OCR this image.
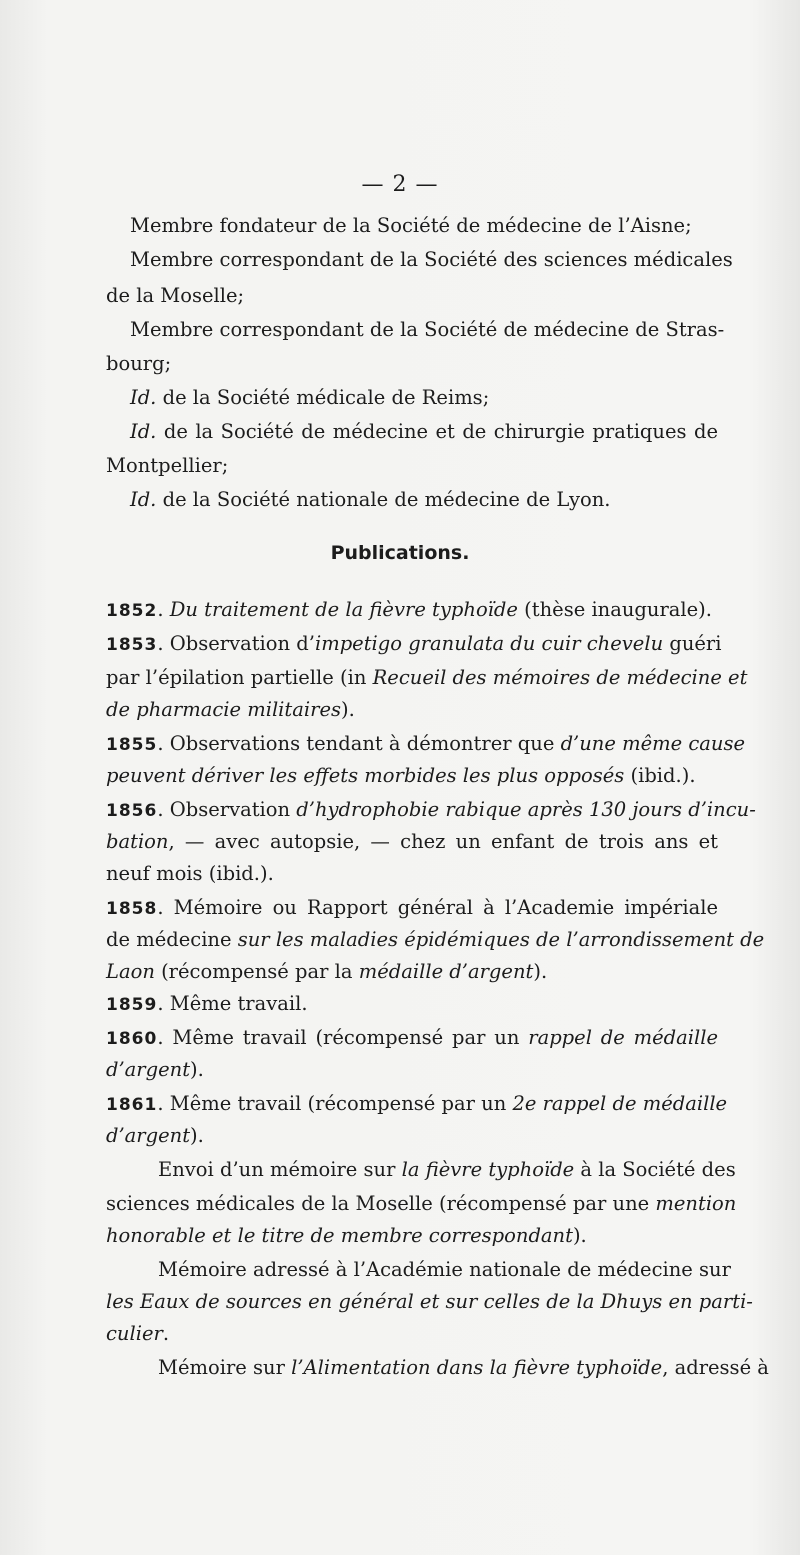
— 2 —
Membre fondateur de la Société de médecine de l’Aisne;
Membre correspondant de la Société des sciences médicales
de la Moselle;
Membre correspondant de la Société de médecine de Stras-
bourg;
Id. de la Société médicale de Reims;
Id. de la Société de médecine et de chirurgie pratiques de
Montpellier;
Id. de la Société nationale de médecine de Lyon.
Publications.
1852. Du traitement de la fièvre typhoïde (thèse inaugurale).
1853. Observation d’impetigo granulata du cuir chevelu guéri
par l’épilation partielle (in Recueil des mémoires de médecine et
de pharmacie militaires).
1855. Observations tendant à démontrer que d’une même cause
peuvent dériver les effets morbides les plus opposés (ibid.).
1856. Observation d’hydrophobie rabique après 130 jours d’incu-
bation, — avec autopsie, — chez un enfant de trois ans et
neuf mois (ibid.).
1858. Mémoire ou Rapport général à l’Academie impériale
de médecine sur les maladies épidémiques de l’arrondissement de
Laon (récompensé par la médaille d’argent).
1859. Même travail.
1860. Même travail (récompensé par un rappel de médaille
d’argent).
1861. Même travail (récompensé par un 2e rappel de médaille
d’argent).
Envoi d’un mémoire sur la fièvre typhoïde à la Société des
sciences médicales de la Moselle (récompensé par une mention
honorable et le titre de membre correspondant).
Mémoire adressé à l’Académie nationale de médecine sur
les Eaux de sources en général et sur celles de la Dhuys en parti-
culier.
Mémoire sur l’Alimentation dans la fièvre typhoïde, adressé à
